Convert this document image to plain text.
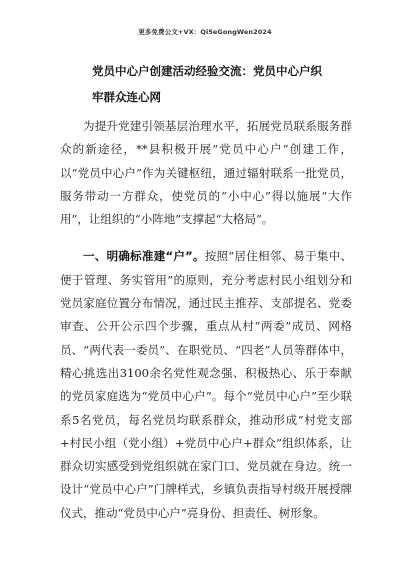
更多免费公文+VX：Qi5eGongWen2024
党员中心户创建活动经验交流：党员中心户织牢群众连心网

为提升党建引领基层治理水平，拓展党员联系服务群众的新途径，**县积极开展“党员中心户”创建工作，以“党员中心户”作为关键枢纽，通过辐射联系一批党员，服务带动一方群众，使党员的“小中心”得以施展“大作用”，让组织的“小阵地”支撑起“大格局”。

一、明确标准建“户”。按照“居住相邻、易于集中、便于管理、务实管用”的原则，充分考虑村民小组划分和党员家庭位置分布情况，通过民主推荐、支部提名、党委审查、公开公示四个步骤，重点从村“两委”成员、网格员、“两代表一委员”、在职党员、“四老”人员等群体中，精心挑选出3100余名党性观念强、积极热心、乐于奉献的党员家庭选为“党员中心户”。每个“党员中心户”至少联系5名党员，每名党员均联系群众，推动形成“村党支部+村民小组（党小组）+党员中心户+群众”组织体系，让群众切实感受到党组织就在家门口、党员就在身边。统一设计“党员中心户”门牌样式，乡镇负责指导村级开展授牌仪式，推动“党员中心户”亮身份、担责任、树形象。
